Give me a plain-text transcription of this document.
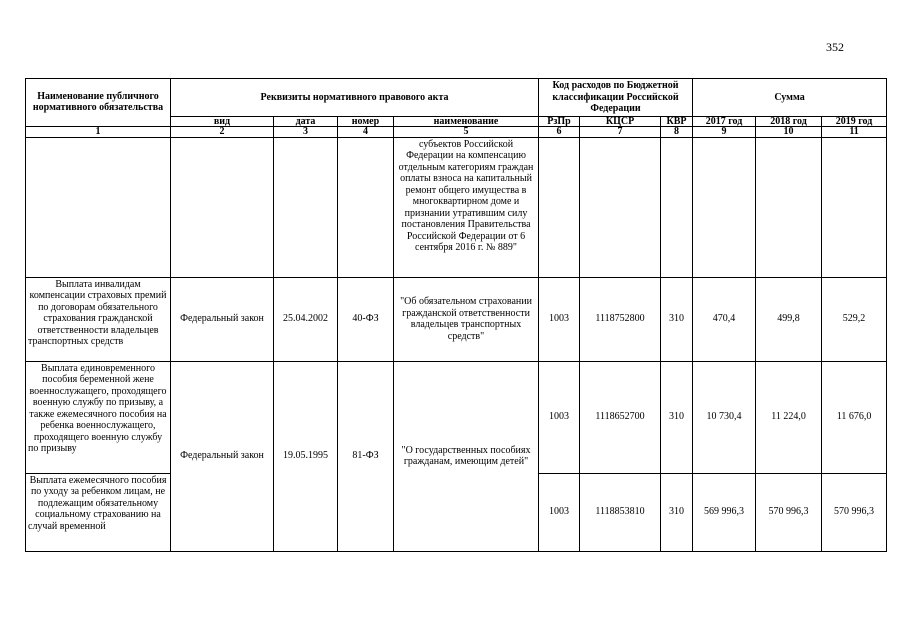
352
Наименование публичного нормативного обязательства	Реквизиты нормативного правового акта				Код расходов по Бюджетной классификации Российской Федерации			Сумма		
	вид	дата	номер	наименование	РзПр	КЦСР	КВР	2017 год	2018 год	2019 год
1	2	3	4	5	6	7	8	9	10	11
				субъектов Российской Федерации на компенсацию отдельным категориям граждан оплаты взноса на капитальный ремонт общего имущества в многоквартирном доме и признании утратившим силу постановления Правительства Российской Федерации от 6 сентября 2016 г. № 889"						
Выплата инвалидам компенсации страховых премий по договорам обязательного страхования гражданской ответственности владельцев транспортных средств	Федеральный закон	25.04.2002	40-ФЗ	"Об обязательном страховании гражданской ответственности владельцев транспортных средств"	1003	1118752800	310	470,4	499,8	529,2
Выплата единовременного пособия беременной жене военнослужащего, проходящего военную службу по призыву, а также ежемесячного пособия на ребенка военнослужащего, проходящего военную службу по призыву	Федеральный закон	19.05.1995	81-ФЗ	"О государственных пособиях гражданам, имеющим детей"	1003	1118652700	310	10 730,4	11 224,0	11 676,0
Выплата ежемесячного пособия по уходу за ребенком лицам, не подлежащим обязательному социальному страхованию на случай временной					1003	1118853810	310	569 996,3	570 996,3	570 996,3
